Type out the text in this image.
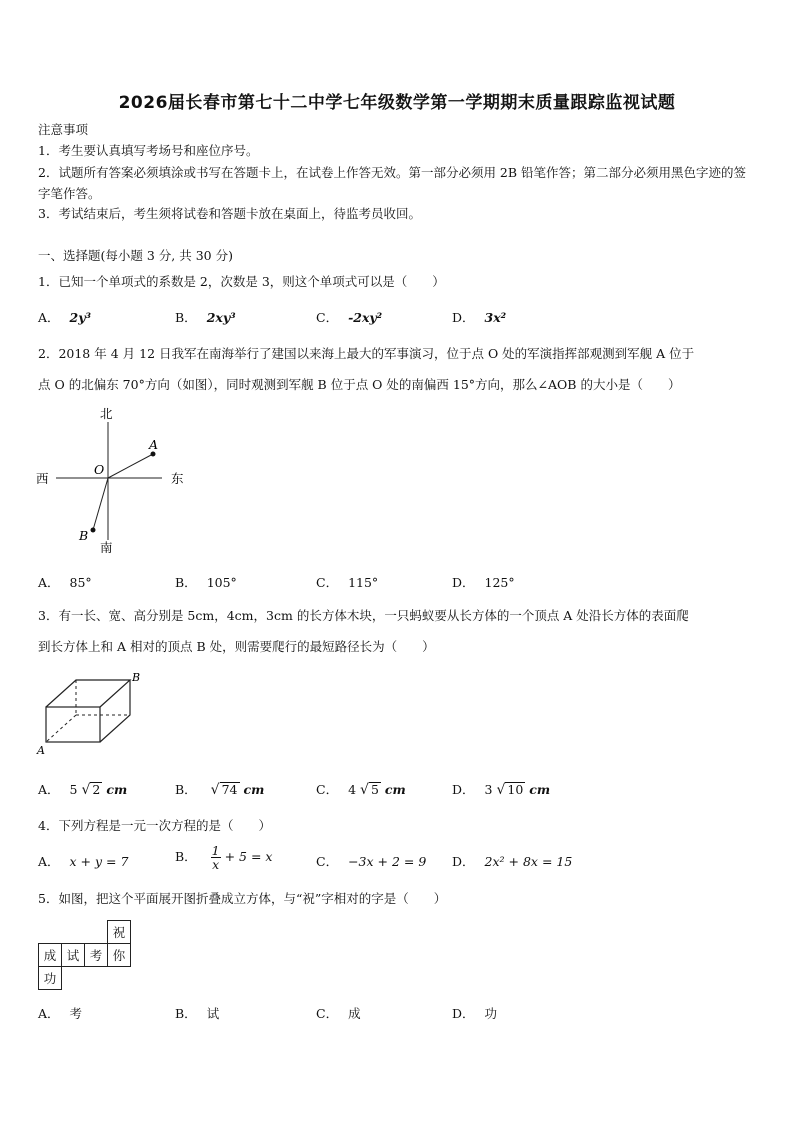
2026届长春市第七十二中学七年级数学第一学期期末质量跟踪监视试题
注意事项
1．考生要认真填写考场号和座位序号。
2．试题所有答案必须填涂或书写在答题卡上，在试卷上作答无效。第一部分必须用 2B 铅笔作答；第二部分必须用黑色字迹的签字笔作答。
3．考试结束后，考生须将试卷和答题卡放在桌面上，待监考员收回。
一、选择题(每小题 3 分, 共 30 分)
1．已知一个单项式的系数是 2，次数是 3，则这个单项式可以是（　　）
A． 2y³	B． 2xy³	C． -2xy²	D． 3x²
2．2018 年 4 月 12 日我军在南海举行了建国以来海上最大的军事演习，位于点 O 处的军演指挥部观测到军舰 A 位于
点 O 的北偏东 70°方向（如图），同时观测到军舰 B 位于点 O 处的南偏西 15°方向，那么∠AOB 的大小是（　　）
北
南
东
西
O
A
B
A． 85°	B． 105°	C． 115°	D． 125°
3．有一长、宽、高分别是 5cm，4cm，3cm 的长方体木块，一只蚂蚁要从长方体的一个顶点 A 处沿长方体的表面爬
到长方体上和 A 相对的顶点 B 处，则需要爬行的最短路径长为（　　）
A
B
A． 5 √ 2 cm	B． √ 74 cm	C． 4 √ 5 cm	D． 3 √ 10 cm
4．下列方程是一元一次方程的是（　　）
A． x + y = 7	B． $\frac{1}{x} + 5 = x$	C． −3x + 2 = 9 D． 2x² + 8x = 15
5．如图，把这个平面展开图折叠成立方体，与“祝”字相对的字是（　　）
			祝
成	试	考	你
功			
A． 考	B． 试	C． 成	D． 功
